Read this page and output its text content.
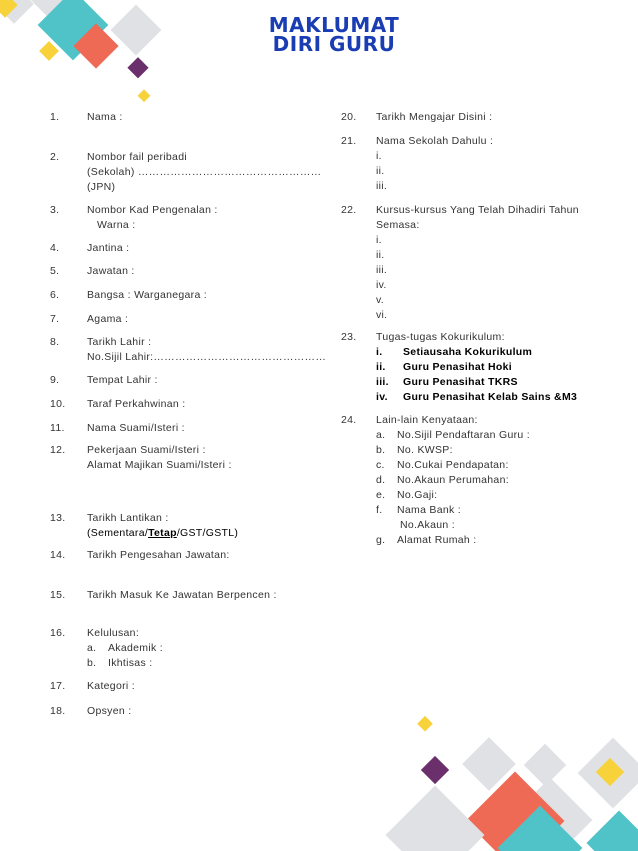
MAKLUMAT
DIRI GURU
1.	Nama :
2.	Nombor fail peribadi
(Sekolah) ……………………………………………
(JPN)
3.	Nombor Kad Pengenalan :
Warna :
4.	Jantina :
5.	Jawatan :
6.	Bangsa : Warganegara :
7.	Agama :
8.	Tarikh Lahir :
No.Sijil Lahir:…………………………………………
9.	Tempat Lahir :
10.	Taraf Perkahwinan :
11.	Nama Suami/Isteri :
12.	Pekerjaan Suami/Isteri :
Alamat Majikan Suami/Isteri :
13.	Tarikh Lantikan :
(Sementara/Tetap/GST/GSTL)
14.	Tarikh Pengesahan Jawatan:
15.	Tarikh Masuk Ke Jawatan Berpencen :
16.	Kelulusan:
a. Akademik :
b. Ikhtisas :
17.	Kategori :
18.	Opsyen :
20.	Tarikh Mengajar Disini :
21.	Nama Sekolah Dahulu :
i.
ii.
iii.
22.	Kursus-kursus Yang Telah Dihadiri Tahun
Semasa:
i.
ii.
iii.
iv.
v.
vi.
23.	Tugas-tugas Kokurikulum:
i. Setiausaha Kokurikulum
ii. Guru Penasihat Hoki
iii. Guru Penasihat TKRS
iv. Guru Penasihat Kelab Sains &M3
24.	Lain-lain Kenyataan:
a. No.Sijil Pendaftaran Guru :
b. No. KWSP:
c. No.Cukai Pendapatan:
d. No.Akaun Perumahan:
e. No.Gaji:
f. Nama Bank :
No.Akaun :
g. Alamat Rumah :
